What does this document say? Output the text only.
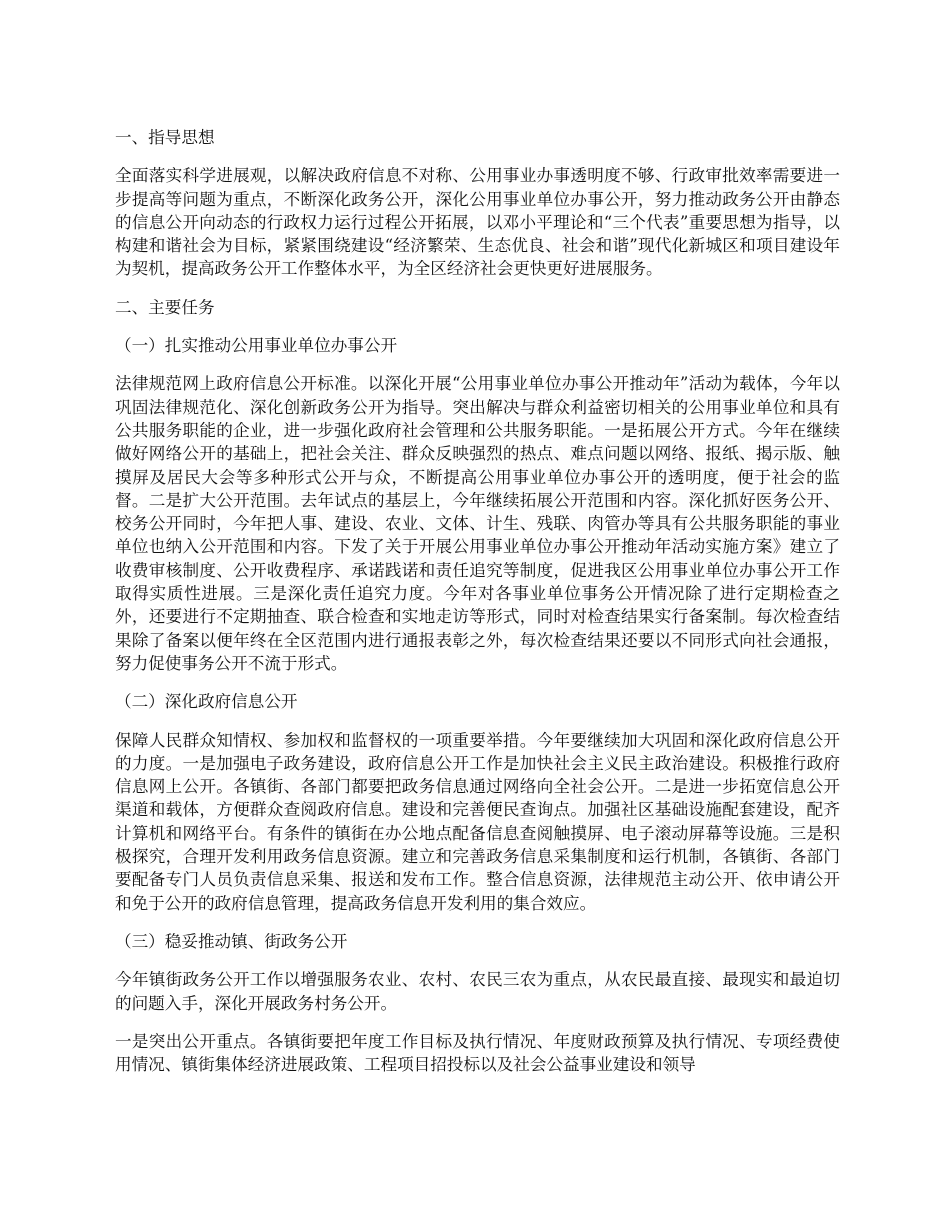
一、指导思想
全面落实科学进展观，以解决政府信息不对称、公用事业办事透明度不够、行政审批效率需要进一步提高等问题为重点，不断深化政务公开，深化公用事业单位办事公开，努力推动政务公开由静态的信息公开向动态的行政权力运行过程公开拓展，以邓小平理论和“三个代表”重要思想为指导，以构建和谐社会为目标，紧紧围绕建设“经济繁荣、生态优良、社会和谐”现代化新城区和项目建设年为契机，提高政务公开工作整体水平，为全区经济社会更快更好进展服务。
二、主要任务
（一）扎实推动公用事业单位办事公开
法律规范网上政府信息公开标准。以深化开展“公用事业单位办事公开推动年”活动为载体，今年以巩固法律规范化、深化创新政务公开为指导。突出解决与群众利益密切相关的公用事业单位和具有公共服务职能的企业，进一步强化政府社会管理和公共服务职能。一是拓展公开方式。今年在继续做好网络公开的基础上，把社会关注、群众反映强烈的热点、难点问题以网络、报纸、揭示版、触摸屏及居民大会等多种形式公开与众，不断提高公用事业单位办事公开的透明度，便于社会的监督。二是扩大公开范围。去年试点的基层上，今年继续拓展公开范围和内容。深化抓好医务公开、校务公开同时，今年把人事、建设、农业、文体、计生、残联、肉管办等具有公共服务职能的事业单位也纳入公开范围和内容。下发了关于开展公用事业单位办事公开推动年活动实施方案》建立了收费审核制度、公开收费程序、承诺践诺和责任追究等制度，促进我区公用事业单位办事公开工作取得实质性进展。三是深化责任追究力度。今年对各事业单位事务公开情况除了进行定期检查之外，还要进行不定期抽查、联合检查和实地走访等形式，同时对检查结果实行备案制。每次检查结果除了备案以便年终在全区范围内进行通报表彰之外，每次检查结果还要以不同形式向社会通报，努力促使事务公开不流于形式。
（二）深化政府信息公开
保障人民群众知情权、参加权和监督权的一项重要举措。今年要继续加大巩固和深化政府信息公开的力度。一是加强电子政务建设，政府信息公开工作是加快社会主义民主政治建设。积极推行政府信息网上公开。各镇街、各部门都要把政务信息通过网络向全社会公开。二是进一步拓宽信息公开渠道和载体，方便群众查阅政府信息。建设和完善便民查询点。加强社区基础设施配套建设，配齐计算机和网络平台。有条件的镇街在办公地点配备信息查阅触摸屏、电子滚动屏幕等设施。三是积极探究，合理开发利用政务信息资源。建立和完善政务信息采集制度和运行机制，各镇街、各部门要配备专门人员负责信息采集、报送和发布工作。整合信息资源，法律规范主动公开、依申请公开和免于公开的政府信息管理，提高政务信息开发利用的集合效应。
（三）稳妥推动镇、街政务公开
今年镇街政务公开工作以增强服务农业、农村、农民三农为重点，从农民最直接、最现实和最迫切的问题入手，深化开展政务村务公开。
一是突出公开重点。各镇街要把年度工作目标及执行情况、年度财政预算及执行情况、专项经费使用情况、镇街集体经济进展政策、工程项目招投标以及社会公益事业建设和领导
